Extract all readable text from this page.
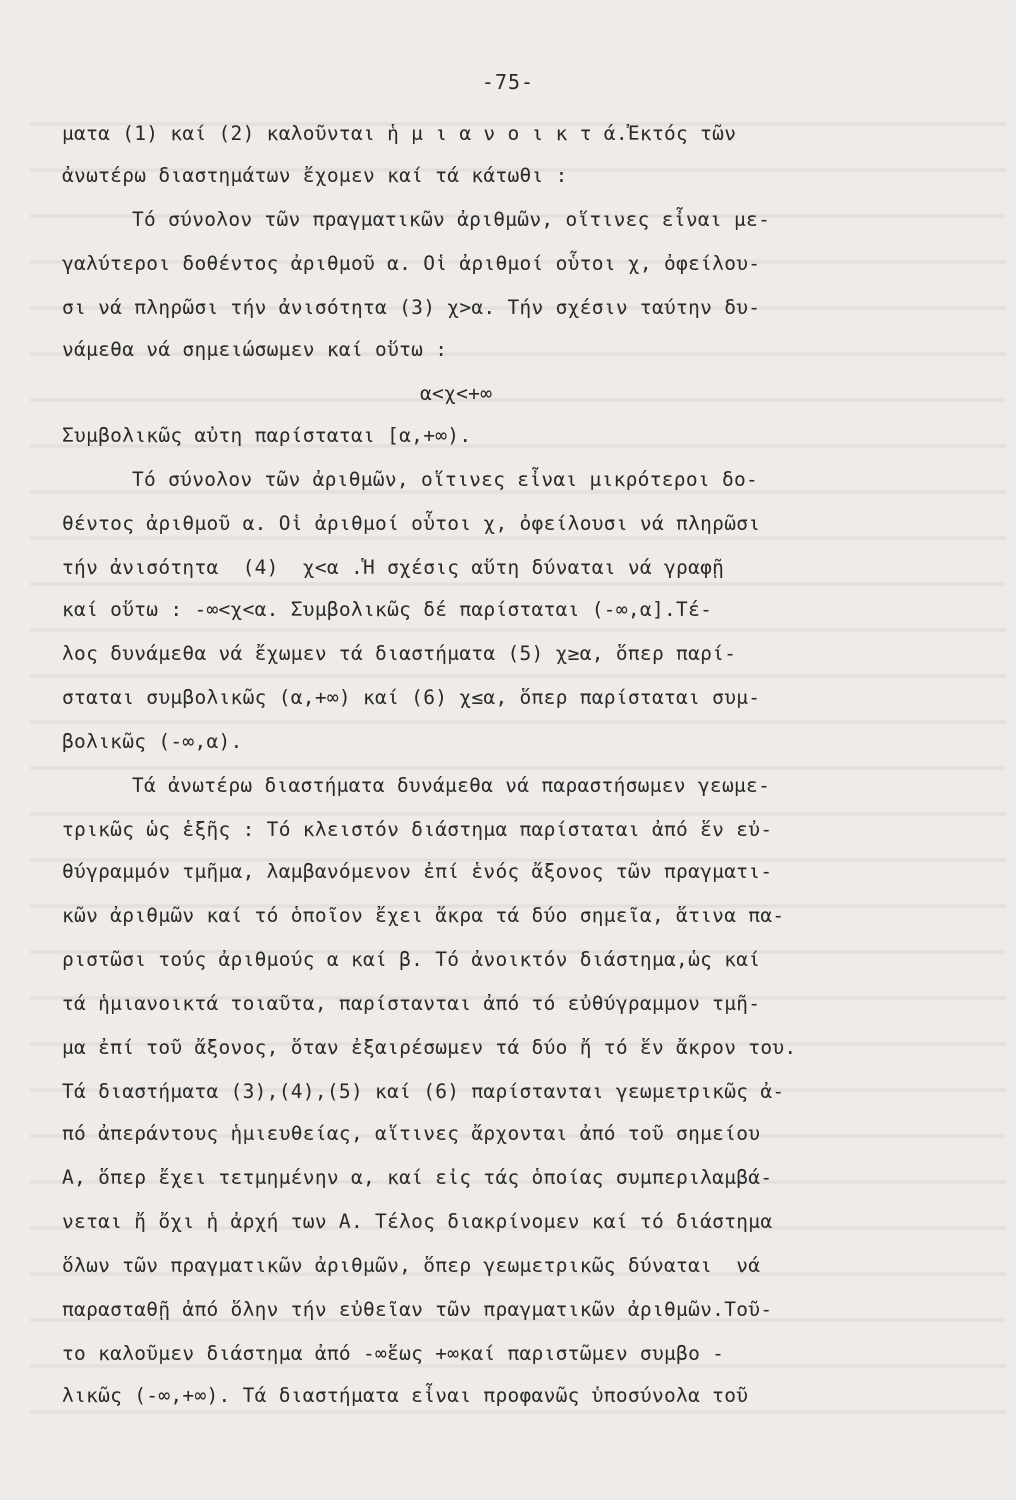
-75-
ματα (1) καί (2) καλοῦνται ἡ μ ι α ν ο ι κ τ ά.Ἐκτός τῶν
ἀνωτέρω διαστημάτων ἔχομεν καί τά κάτωθι :
Τό σύνολον τῶν πραγματικῶν ἀριθμῶν, οἵτινες εἶναι με-
γαλύτεροι δοθέντος ἀριθμοῦ α. Οἱ ἀριθμοί οὗτοι χ, ὀφείλου-
σι νά πληρῶσι τήν ἀνισότητα (3) χ>α. Τήν σχέσιν ταύτην δυ-
νάμεθα νά σημειώσωμεν καί οὕτω :
α<χ<+∞
Συμβολικῶς αὐτη παρίσταται [α,+∞).
Τό σύνολον τῶν ἀριθμῶν, οἵτινες εἶναι μικρότεροι δο-
θέντος ἀριθμοῦ α. Οἱ ἀριθμοί οὗτοι χ, ὀφείλουσι νά πληρῶσι
τήν ἀνισότητα  (4)  χ<α .Ἡ σχέσις αὕτη δύναται νά γραφῇ
καί οὕτω : -∞<χ<α. Συμβολικῶς δέ παρίσταται (-∞,α].Τέ-
λος δυνάμεθα νά ἔχωμεν τά διαστήματα (5) χ≥α, ὅπερ παρί-
σταται συμβολικῶς (α,+∞) καί (6) χ≤α, ὅπερ παρίσταται συμ-
βολικῶς (-∞,α).
Τά ἀνωτέρω διαστήματα δυνάμεθα νά παραστήσωμεν γεωμε-
τρικῶς ὡς ἑξῆς : Τό κλειστόν διάστημα παρίσταται ἀπό ἕν εὐ-
θύγραμμόν τμῆμα, λαμβανόμενον ἐπί ἑνός ἄξονος τῶν πραγματι-
κῶν ἀριθμῶν καί τό ὁποῖον ἔχει ἄκρα τά δύο σημεῖα, ἅτινα πα-
ριστῶσι τούς ἀριθμούς α καί β. Τό ἀνοικτόν διάστημα,ὡς καί
τά ἡμιανοικτά τοιαῦτα, παρίστανται ἀπό τό εὐθύγραμμον τμῆ-
μα ἐπί τοῦ ἄξονος, ὅταν ἐξαιρέσωμεν τά δύο ἤ τό ἕν ἄκρον του.
Τά διαστήματα (3),(4),(5) καί (6) παρίστανται γεωμετρικῶς ἀ-
πό ἀπεράντους ἡμιευθείας, αἵτινες ἄρχονται ἀπό τοῦ σημείου
Α, ὅπερ ἔχει τετμημένην α, καί εἰς τάς ὁποίας συμπεριλαμβά-
νεται ἤ ὄχι ἡ ἀρχή των Α. Τέλος διακρίνομεν καί τό διάστημα
ὅλων τῶν πραγματικῶν ἀριθμῶν, ὅπερ γεωμετρικῶς δύναται  νά
παρασταθῇ ἀπό ὅλην τήν εὐθεῖαν τῶν πραγματικῶν ἀριθμῶν.Τοῦ-
το καλοῦμεν διάστημα ἀπό -∞ἕως +∞καί παριστῶμεν συμβο -
λικῶς (-∞,+∞). Τά διαστήματα εἶναι προφανῶς ὑποσύνολα τοῦ
